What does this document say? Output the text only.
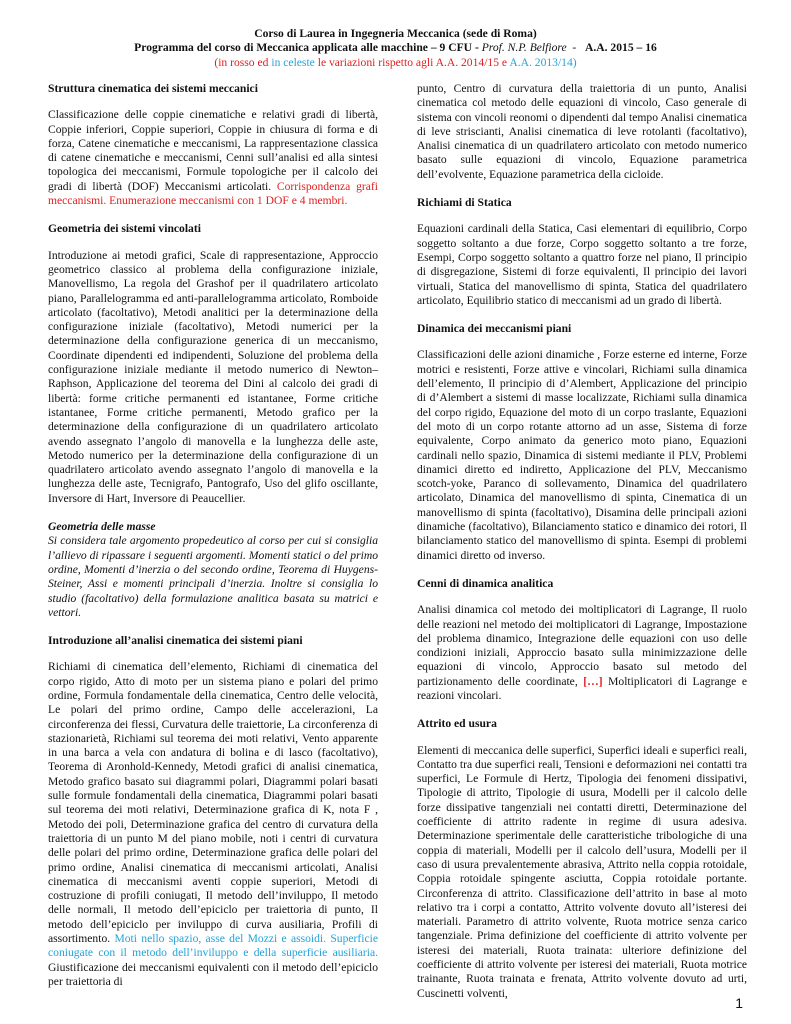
Corso di Laurea in Ingegneria Meccanica (sede di Roma)
Programma del corso di Meccanica applicata alle macchine – 9 CFU - Prof. N.P. Belfiore  -   A.A. 2015 – 16
(in rosso ed in celeste le variazioni rispetto agli A.A. 2014/15 e A.A. 2013/14)
Struttura cinematica dei sistemi meccanici

Classificazione delle coppie cinematiche e relativi gradi di libertà, Coppie inferiori, Coppie superiori, Coppie in chiusura di forma e di forza, Catene cinematiche e meccanismi, La rappresentazione classica di catene cinematiche e meccanismi, Cenni sull’analisi ed alla sintesi topologica dei meccanismi, Formule topologiche per il calcolo dei gradi di libertà (DOF) Meccanismi articolati. Corrispondenza grafi meccanismi. Enumerazione meccanismi con 1 DOF e 4 membri.

Geometria dei sistemi vincolati

Introduzione ai metodi grafici, Scale di rappresentazione, Approccio geometrico classico al problema della configurazione iniziale, Manovellismo, La regola del Grashof per il quadrilatero articolato piano, Parallelogramma ed anti-parallelogramma articolato, Romboide articolato (facoltativo), Metodi analitici per la determinazione della configurazione iniziale (facoltativo), Metodi numerici per la determinazione della configurazione generica di un meccanismo, Coordinate dipendenti ed indipendenti, Soluzione del problema della configurazione iniziale mediante il metodo numerico di Newton–Raphson, Applicazione del teorema del Dini al calcolo dei gradi di libertà: forme critiche permanenti ed istantanee, Forme critiche istantanee, Forme critiche permanenti, Metodo grafico per la determinazione della configurazione di un quadrilatero articolato avendo assegnato l’angolo di manovella e la lunghezza delle aste, Metodo numerico per la determinazione della configurazione di un quadrilatero articolato avendo assegnato l’angolo di manovella e la lunghezza delle aste, Tecnigrafo, Pantografo, Uso del glifo oscillante, Inversore di Hart, Inversore di Peaucellier.

Geometria delle masse

Si considera tale argomento propedeutico al corso per cui si consiglia l’allievo di ripassare i seguenti argomenti. Momenti statici o del primo ordine, Momenti d’inerzia o del secondo ordine, Teorema di Huygens-Steiner, Assi e momenti principali d’inerzia. Inoltre si consiglia lo studio (facoltativo) della formulazione analitica basata su matrici e vettori.

Introduzione all’analisi cinematica dei sistemi piani

Richiami di cinematica dell’elemento, Richiami di cinematica del corpo rigido, Atto di moto per un sistema piano e polari del primo ordine, Formula fondamentale della cinematica, Centro delle velocità, Le polari del primo ordine, Campo delle accelerazioni, La circonferenza dei flessi, Curvatura delle traiettorie, La circonferenza di stazionarietà, Richiami sul teorema dei moti relativi, Vento apparente in una barca a vela con andatura di bolina e di lasco (facoltativo), Teorema di Aronhold-Kennedy, Metodi grafici di analisi cinematica, Metodo grafico basato sui diagrammi polari, Diagrammi polari basati sulle formule fondamentali della cinematica, Diagrammi polari basati sul teorema dei moti relativi, Determinazione grafica di K, nota F , Metodo dei poli, Determinazione grafica del centro di curvatura della traiettoria di un punto M del piano mobile, noti i centri di curvatura delle polari del primo ordine, Determinazione grafica delle polari del primo ordine, Analisi cinematica di meccanismi articolati, Analisi cinematica di meccanismi aventi coppie superiori, Metodi di costruzione di profili coniugati, Il metodo dell’inviluppo, Il metodo delle normali, Il metodo dell’epiciclo per traiettoria di punto, Il metodo dell’epiciclo per inviluppo di curva ausiliaria, Profili di assortimento. Moti nello spazio, asse del Mozzi e assoidi. Superficie coniugate con il metodo dell’inviluppo e della superficie ausiliaria. Giustificazione dei meccanismi equivalenti con il metodo dell’epiciclo per traiettoria di

punto, Centro di curvatura della traiettoria di un punto, Analisi cinematica col metodo delle equazioni di vincolo, Caso generale di sistema con vincoli reonomi o dipendenti dal tempo Analisi cinematica di leve striscianti, Analisi cinematica di leve rotolanti (facoltativo), Analisi cinematica di un quadrilatero articolato con metodo numerico basato sulle equazioni di vincolo, Equazione parametrica dell’evolvente, Equazione parametrica della cicloide.

Richiami di Statica

Equazioni cardinali della Statica, Casi elementari di equilibrio, Corpo soggetto soltanto a due forze, Corpo soggetto soltanto a tre forze, Esempi, Corpo soggetto soltanto a quattro forze nel piano, Il principio di disgregazione, Sistemi di forze equivalenti, Il principio dei lavori virtuali, Statica del manovellismo di spinta, Statica del quadrilatero articolato, Equilibrio statico di meccanismi ad un grado di libertà.

Dinamica dei meccanismi piani

Classificazioni delle azioni dinamiche , Forze esterne ed interne, Forze motrici e resistenti, Forze attive e vincolari, Richiami sulla dinamica dell’elemento, Il principio di d’Alembert, Applicazione del principio di d’Alembert a sistemi di masse localizzate, Richiami sulla dinamica del corpo rigido, Equazione del moto di un corpo traslante, Equazioni del moto di un corpo rotante attorno ad un asse, Sistema di forze equivalente, Corpo animato da generico moto piano, Equazioni cardinali nello spazio, Dinamica di sistemi mediante il PLV, Problemi dinamici diretto ed indiretto, Applicazione del PLV, Meccanismo scotch-yoke, Paranco di sollevamento, Dinamica del quadrilatero articolato, Dinamica del manovellismo di spinta, Cinematica di un manovellismo di spinta (facoltativo), Disamina delle principali azioni dinamiche (facoltativo), Bilanciamento statico e dinamico dei rotori, Il bilanciamento statico del manovellismo di spinta. Esempi di problemi dinamici diretto od inverso.

Cenni di dinamica analitica

Analisi dinamica col metodo dei moltiplicatori di Lagrange, Il ruolo delle reazioni nel metodo dei moltiplicatori di Lagrange, Impostazione del problema dinamico, Integrazione delle equazioni con uso delle condizioni iniziali, Approccio basato sulla minimizzazione delle equazioni di vincolo, Approccio basato sul metodo del partizionamento delle coordinate, […] Moltiplicatori di Lagrange e reazioni vincolari.

Attrito ed usura

Elementi di meccanica delle superfici, Superfici ideali e superfici reali, Contatto tra due superfici reali, Tensioni e deformazioni nei contatti tra superfici, Le Formule di Hertz, Tipologia dei fenomeni dissipativi, Tipologie di attrito, Tipologie di usura, Modelli per il calcolo delle forze dissipative tangenziali nei contatti diretti, Determinazione del coefficiente di attrito radente in regime di usura adesiva. Determinazione sperimentale delle caratteristiche tribologiche di una coppia di materiali, Modelli per il calcolo dell’usura, Modelli per il caso di usura prevalentemente abrasiva, Attrito nella coppia rotoidale, Coppia rotoidale spingente asciutta, Coppia rotoidale portante. Circonferenza di attrito. Classificazione dell’attrito in base al moto relativo tra i corpi a contatto, Attrito volvente dovuto all’isteresi dei materiali. Parametro di attrito volvente, Ruota motrice senza carico tangenziale. Prima definizione del coefficiente di attrito volvente per isteresi dei materiali, Ruota trainata: ulteriore definizione del coefficiente di attrito volvente per isteresi dei materiali, Ruota motrice trainante, Ruota trainata e frenata, Attrito volvente dovuto ad urti, Cuscinetti volventi,

1
